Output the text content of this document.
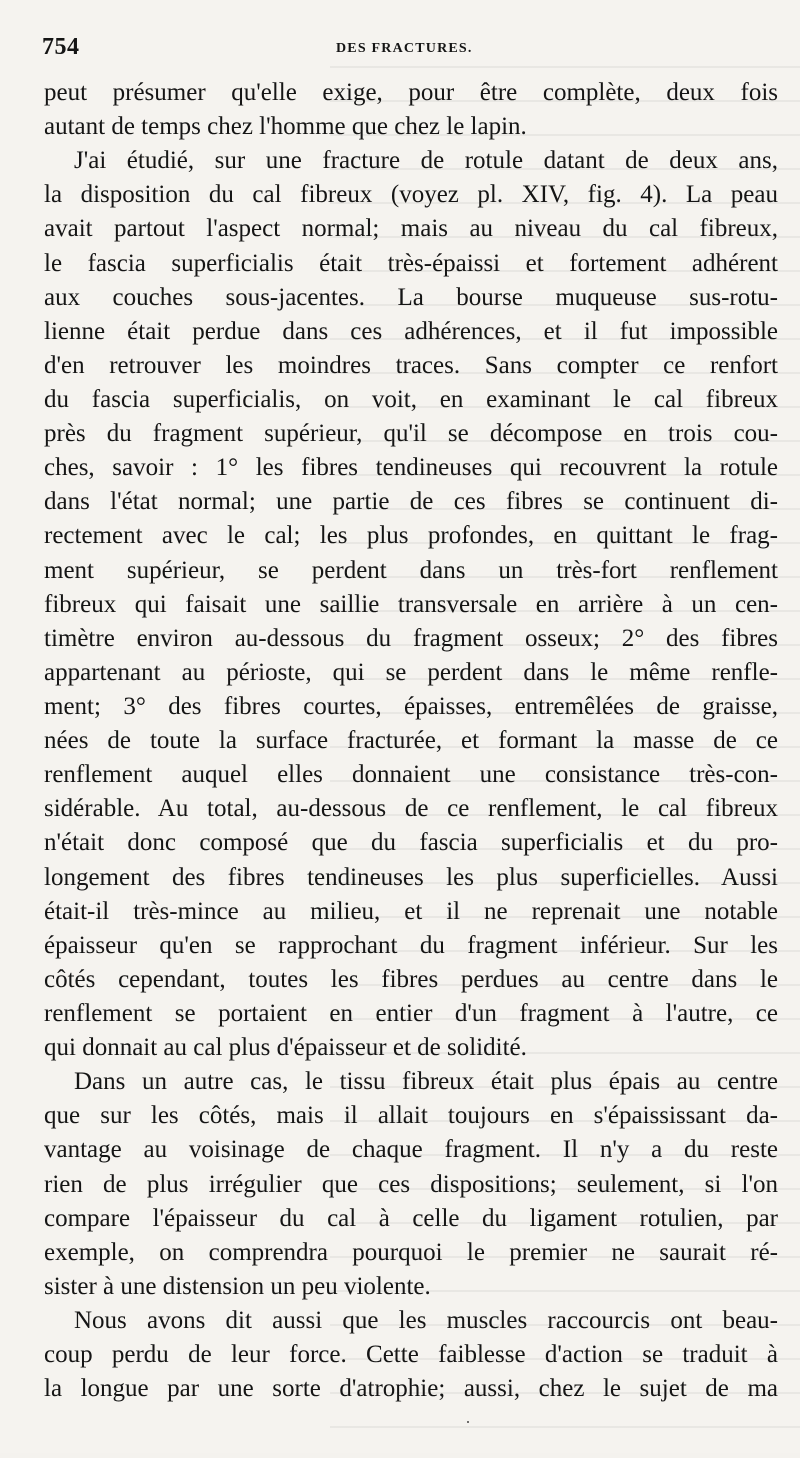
754	DES FRACTURES.
peut présumer qu'elle exige, pour être complète, deux fois
autant de temps chez l'homme que chez le lapin.
J'ai étudié, sur une fracture de rotule datant de deux ans,
la disposition du cal fibreux (voyez pl. XIV, fig. 4). La peau
avait partout l'aspect normal; mais au niveau du cal fibreux,
le fascia superficialis était très-épaissi et fortement adhérent
aux couches sous-jacentes. La bourse muqueuse sus-rotu-
lienne était perdue dans ces adhérences, et il fut impossible
d'en retrouver les moindres traces. Sans compter ce renfort
du fascia superficialis, on voit, en examinant le cal fibreux
près du fragment supérieur, qu'il se décompose en trois cou-
ches, savoir : 1° les fibres tendineuses qui recouvrent la rotule
dans l'état normal; une partie de ces fibres se continuent di-
rectement avec le cal; les plus profondes, en quittant le frag-
ment supérieur, se perdent dans un très-fort renflement
fibreux qui faisait une saillie transversale en arrière à un cen-
timètre environ au-dessous du fragment osseux; 2° des fibres
appartenant au périoste, qui se perdent dans le même renfle-
ment; 3° des fibres courtes, épaisses, entremêlées de graisse,
nées de toute la surface fracturée, et formant la masse de ce
renflement auquel elles donnaient une consistance très-con-
sidérable. Au total, au-dessous de ce renflement, le cal fibreux
n'était donc composé que du fascia superficialis et du pro-
longement des fibres tendineuses les plus superficielles. Aussi
était-il très-mince au milieu, et il ne reprenait une notable
épaisseur qu'en se rapprochant du fragment inférieur. Sur les
côtés cependant, toutes les fibres perdues au centre dans le
renflement se portaient en entier d'un fragment à l'autre, ce
qui donnait au cal plus d'épaisseur et de solidité.
Dans un autre cas, le tissu fibreux était plus épais au centre
que sur les côtés, mais il allait toujours en s'épaississant da-
vantage au voisinage de chaque fragment. Il n'y a du reste
rien de plus irrégulier que ces dispositions; seulement, si l'on
compare l'épaisseur du cal à celle du ligament rotulien, par
exemple, on comprendra pourquoi le premier ne saurait ré-
sister à une distension un peu violente.
Nous avons dit aussi que les muscles raccourcis ont beau-
coup perdu de leur force. Cette faiblesse d'action se traduit à
la longue par une sorte d'atrophie; aussi, chez le sujet de ma
